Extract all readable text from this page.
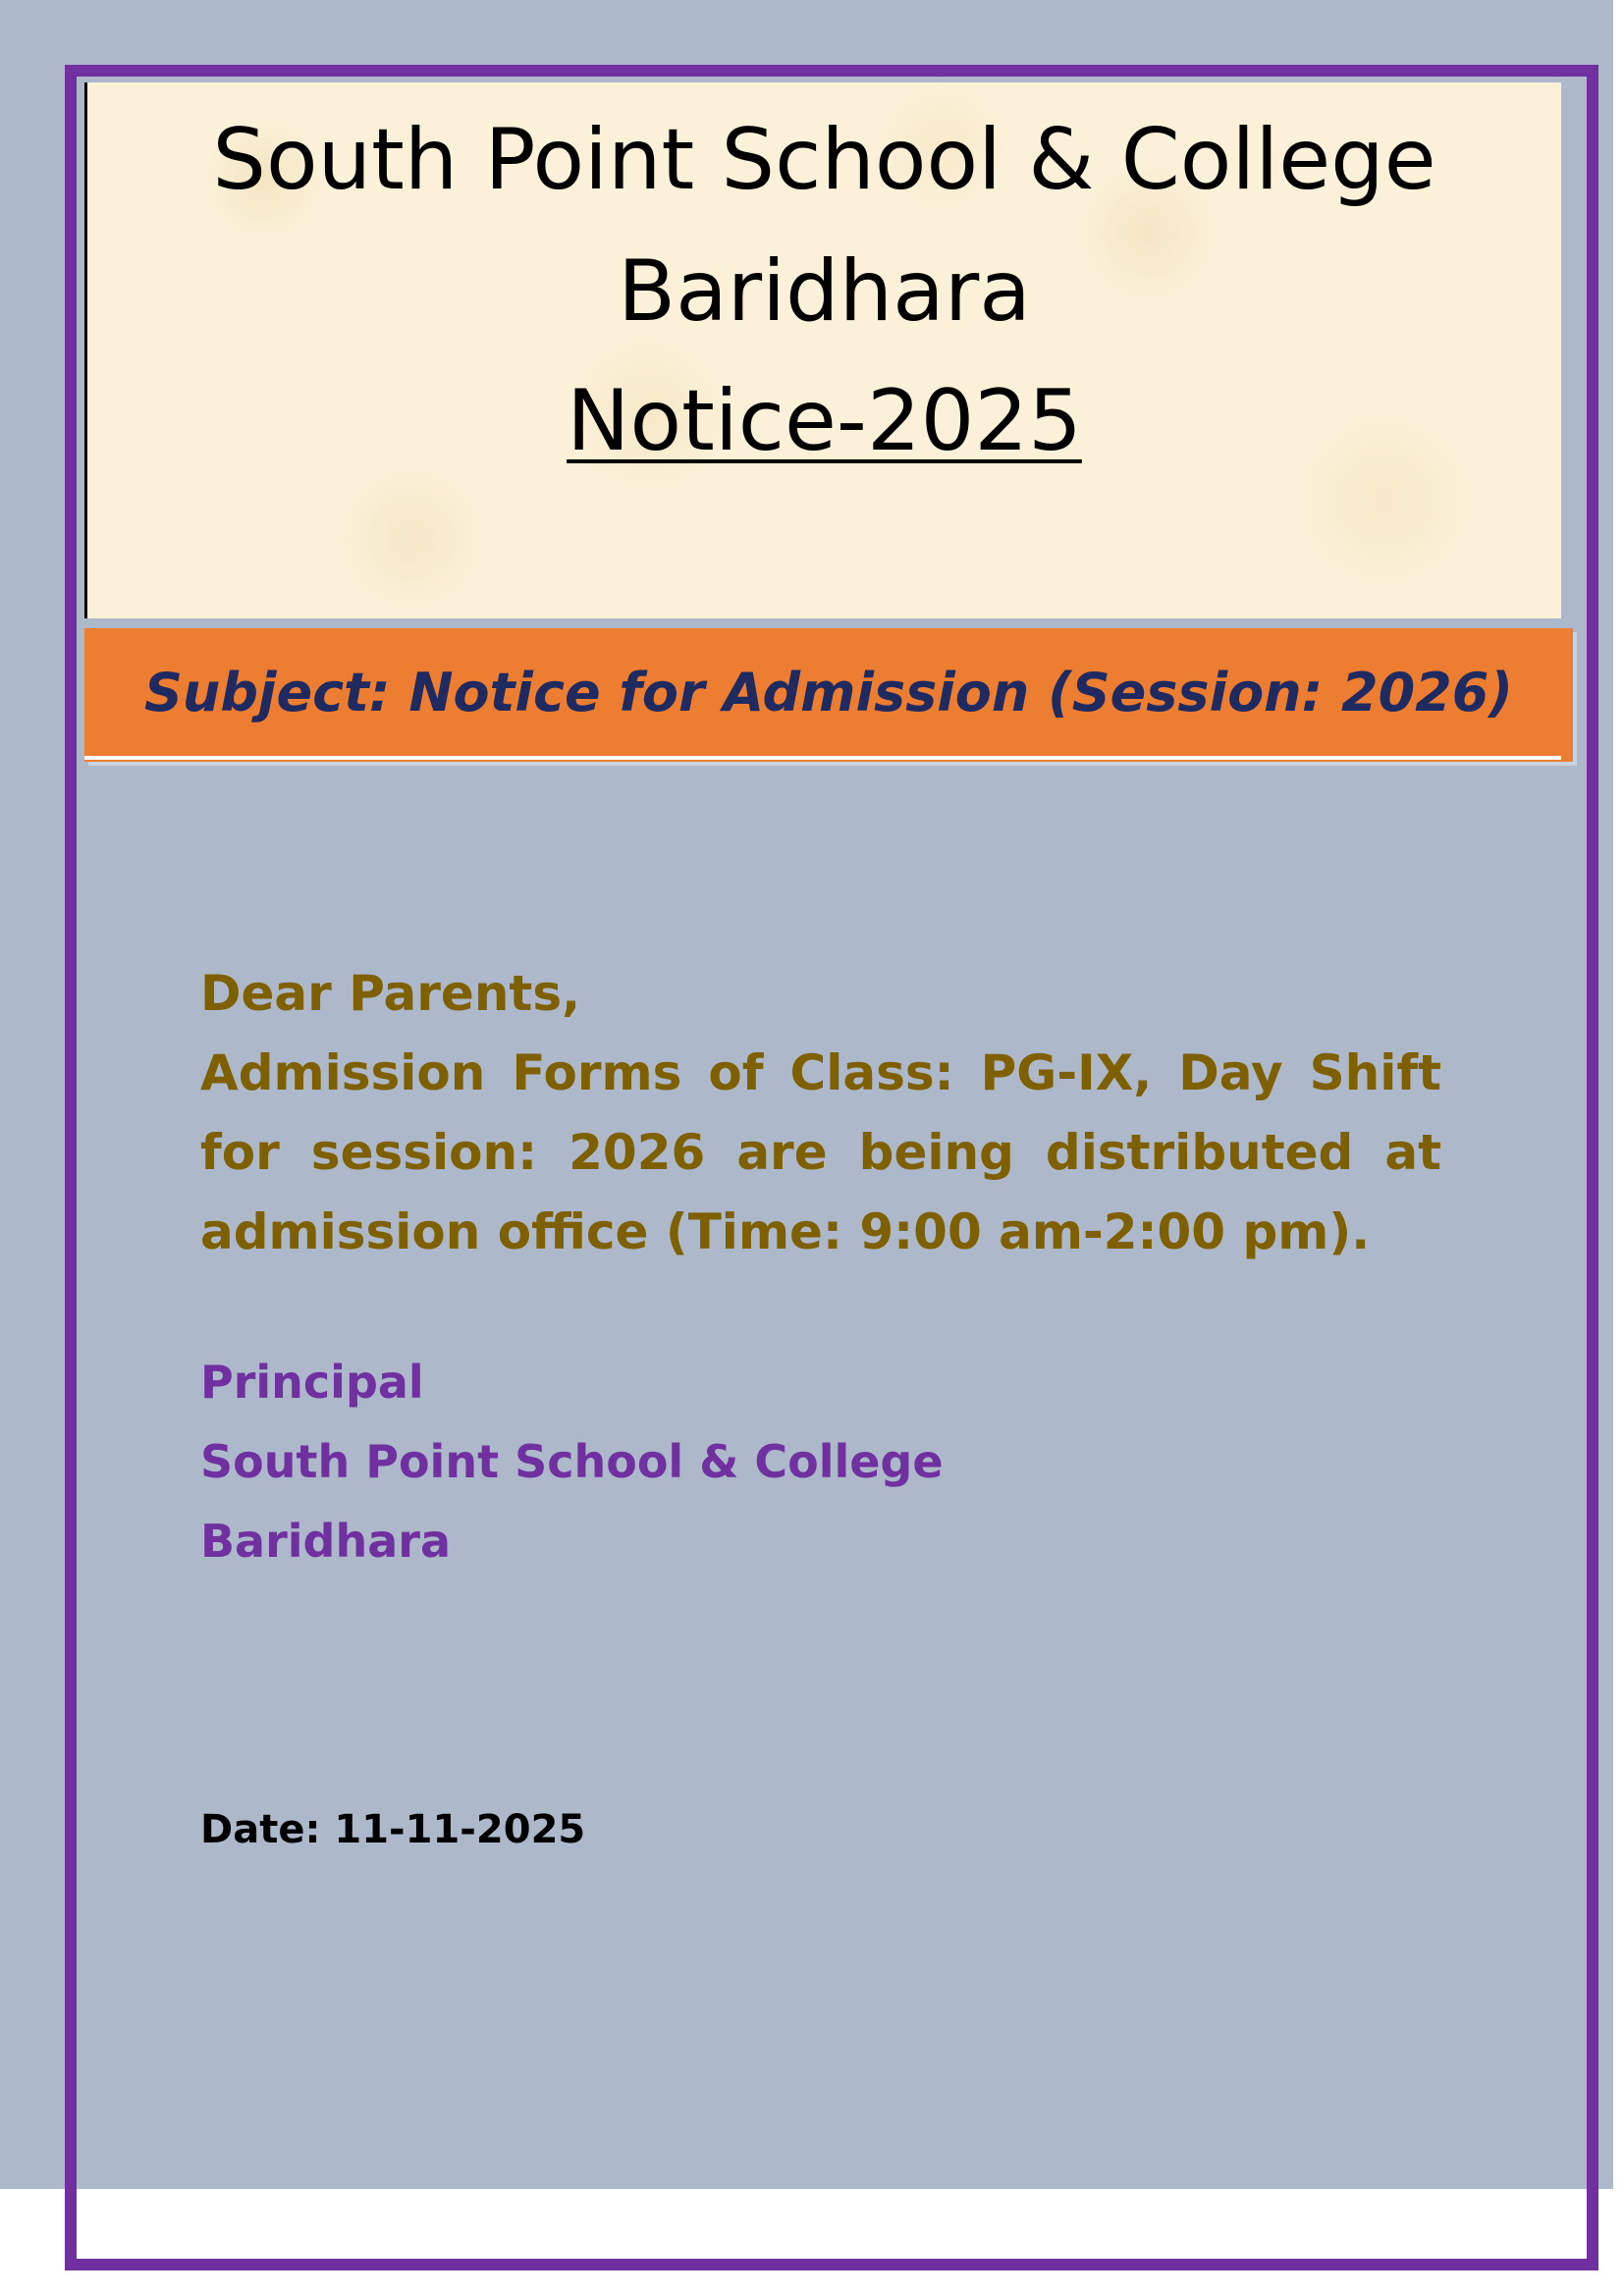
South Point School & College
Baridhara
Notice-2025
Subject: Notice for Admission (Session: 2026)
Dear Parents,
Admission Forms of Class: PG-IX, Day Shift for session: 2026 are being distributed at admission office (Time: 9:00 am-2:00 pm).
Principal
South Point School & College
Baridhara
Date: 11-11-2025
